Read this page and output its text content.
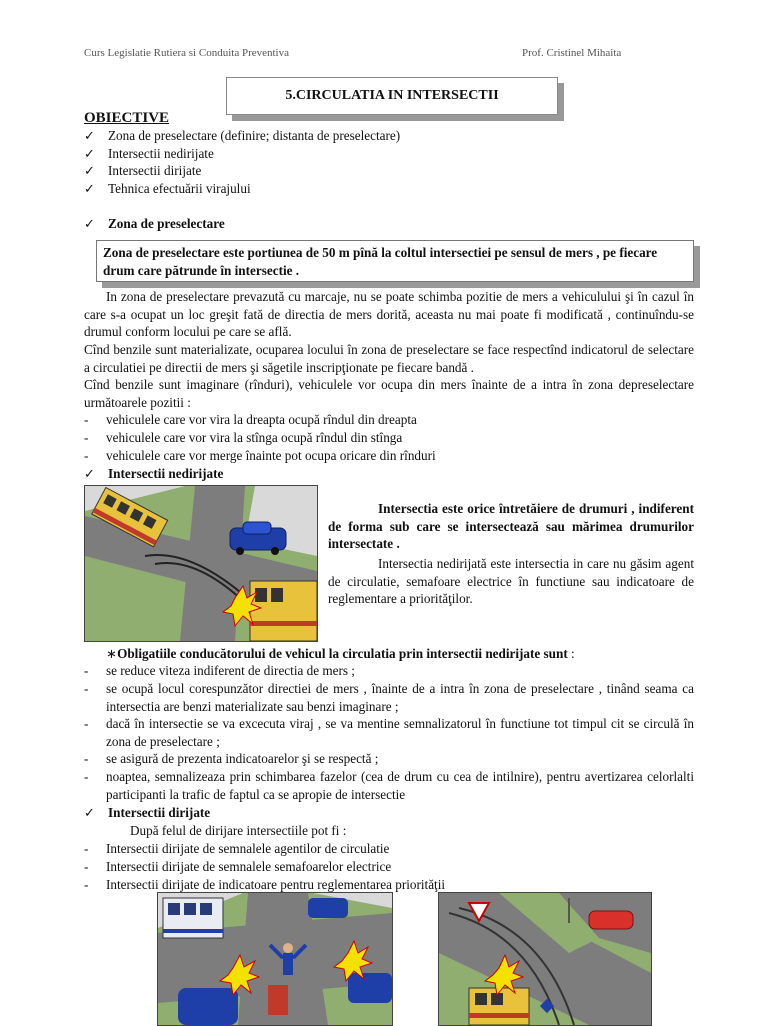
Curs Legislatie Rutiera si Conduita Preventiva	Prof. Cristinel Mihaita
5.CIRCULATIA IN INTERSECTII
OBIECTIVE
✓ Zona de preselectare (definire; distanta de preselectare)
✓ Intersectii nedirijate
✓ Intersectii dirijate
✓ Tehnica efectuării virajului
✓ Zona de preselectare
Zona de preselectare este portiunea de 50 m pînă la coltul intersectiei pe sensul de mers , pe fiecare drum care pătrunde în intersectie .
In zona de preselectare prevazută cu marcaje, nu se poate schimba pozitie de mers a vehiculului şi în cazul în care s-a ocupat un loc greşit fată de directia de mers dorită, aceasta nu mai poate fi modificată , continuîndu-se drumul conform locului pe care se află.
Cînd benzile sunt materializate, ocuparea locului în zona de preselectare se face respectînd indicatorul de selectare a circulatiei pe directii de mers şi săgetile inscripţionate pe fiecare bandă .
Cînd benzile sunt imaginare (rînduri), vehiculele vor ocupa din mers înainte de a intra în zona depreselectare următoarele pozitii :
- vehiculele care vor vira la dreapta ocupă rîndul din dreapta
- vehiculele care vor vira la stînga ocupă rîndul din stînga
- vehiculele care vor merge înainte pot ocupa oricare din rînduri
✓ Intersectii nedirijate
Intersectia este orice întretăiere de drumuri , indiferent de forma sub care se intersectează sau mărimea drumurilor intersectate .
Intersectia nedirijată este intersectia in care nu găsim agent de circulatie, semafoare electrice în functiune sau indicatoare de reglementare a priorităţilor.
∗Obligatiile conducătorului de vehicul la circulatia prin intersectii nedirijate sunt :
- se reduce viteza indiferent de directia de mers ;
- se ocupă locul corespunzător directiei de mers , înainte de a intra în zona de preselectare , tinând seama ca intersectia are benzi materializate sau benzi imaginare ;
- dacă în intersectie se va excecuta viraj , se va mentine semnalizatorul în functiune tot timpul cit se circulă în zona de preselectare ;
- se asigură de prezenta indicatoarelor şi se respectă ;
- noaptea, semnalizeaza prin schimbarea fazelor (cea de drum cu cea de intilnire), pentru avertizarea celorlalti participanti la trafic de faptul ca se apropie de intersectie
✓ Intersectii dirijate
După felul de dirijare intersectiile pot fi :
- Intersectii dirijate de semnalele agentilor de circulatie
- Intersectii dirijate de semnalele semafoarelor electrice
- Intersectii dirijate de indicatoare pentru reglementarea priorităţii
